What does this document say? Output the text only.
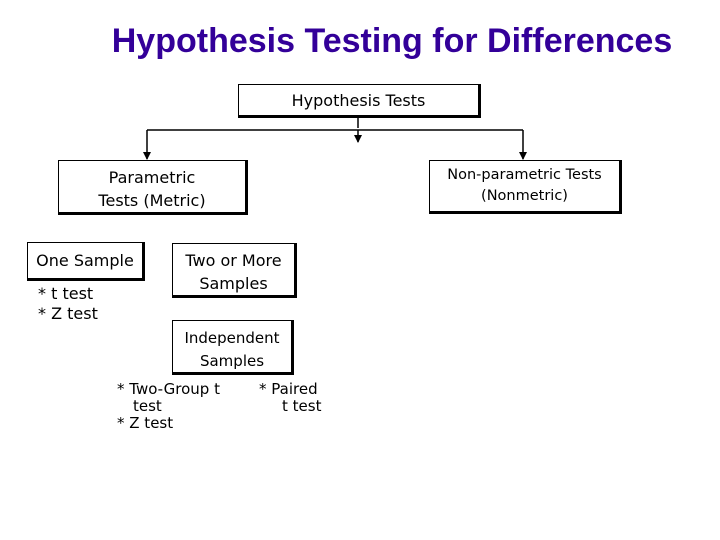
Hypothesis Testing for Differences
Hypothesis Tests
Parametric
Tests (Metric)
Non-parametric Tests
(Nonmetric)
One Sample	Two or More
Samples
Independent
Samples
* t test
* Z test
* Two-Group t
test
* Z test
* Paired
t test
